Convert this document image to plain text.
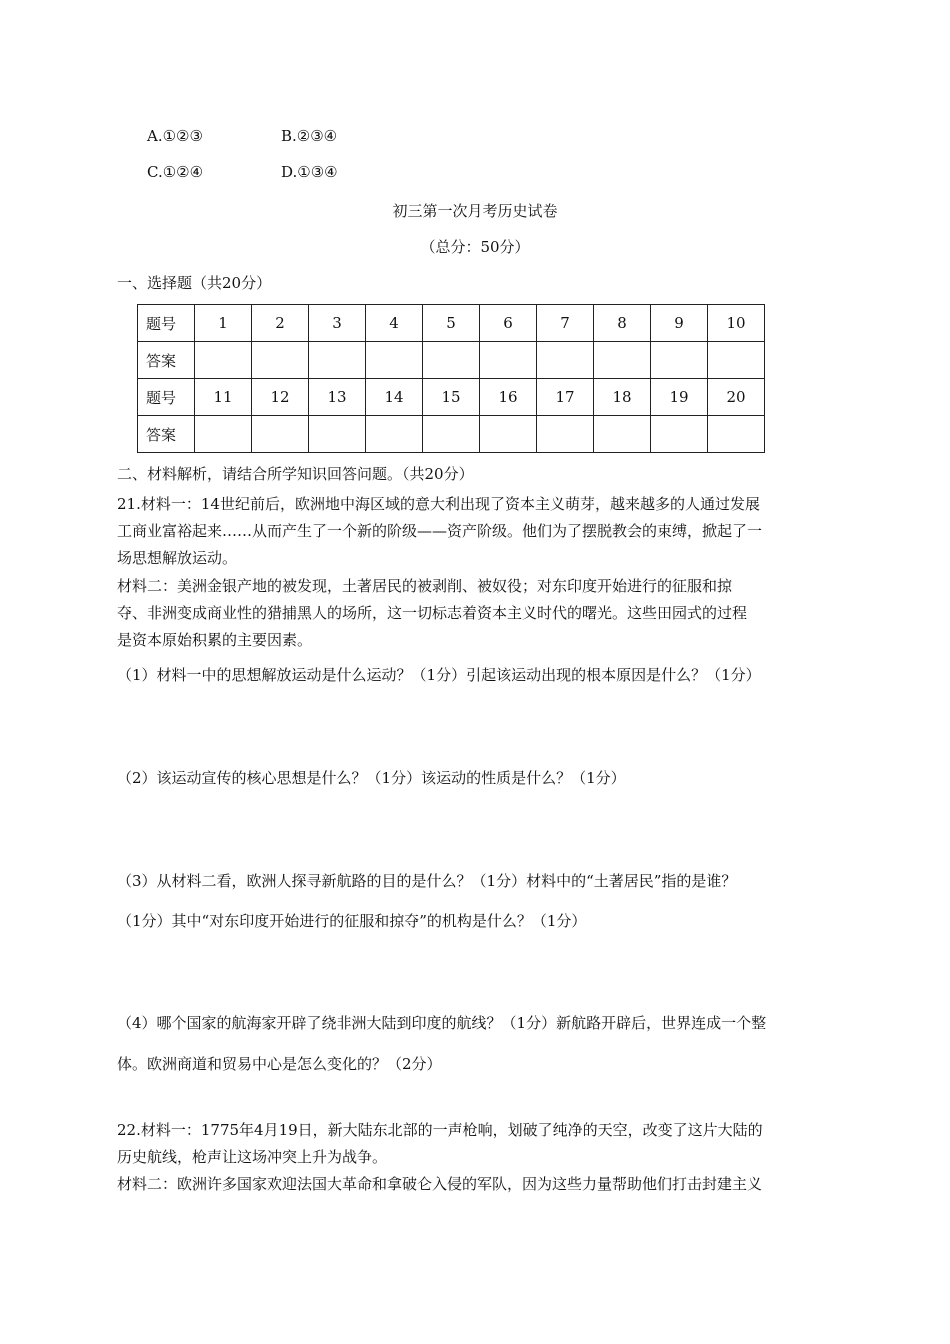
A.①②③	B.②③④
C.①②④	D.①③④
初三第一次月考历史试卷
（总分：50分）
一、选择题（共20分）
题号	1	2	3	4	5	6	7	8	9	10
答案										
题号	11	12	13	14	15	16	17	18	19	20
答案										
二、材料解析，请结合所学知识回答问题。（共20分）
21.材料一：14世纪前后，欧洲地中海区域的意大利出现了资本主义萌芽，越来越多的人通过发展
工商业富裕起来……从而产生了一个新的阶级——资产阶级。他们为了摆脱教会的束缚，掀起了一
场思想解放运动。
材料二：美洲金银产地的被发现，土著居民的被剥削、被奴役；对东印度开始进行的征服和掠
夺、非洲变成商业性的猎捕黑人的场所，这一切标志着资本主义时代的曙光。这些田园式的过程
是资本原始积累的主要因素。
（1）材料一中的思想解放运动是什么运动？（1分）引起该运动出现的根本原因是什么？（1分）
（2）该运动宣传的核心思想是什么？（1分）该运动的性质是什么？（1分）
（3）从材料二看，欧洲人探寻新航路的目的是什么？（1分）材料中的“土著居民”指的是谁？
（1分）其中“对东印度开始进行的征服和掠夺”的机构是什么？（1分）
（4）哪个国家的航海家开辟了绕非洲大陆到印度的航线？（1分）新航路开辟后，世界连成一个整
体。欧洲商道和贸易中心是怎么变化的？（2分）
22.材料一：1775年4月19日，新大陆东北部的一声枪响，划破了纯净的天空，改变了这片大陆的
历史航线，枪声让这场冲突上升为战争。
材料二：欧洲许多国家欢迎法国大革命和拿破仑入侵的军队，因为这些力量帮助他们打击封建主义
